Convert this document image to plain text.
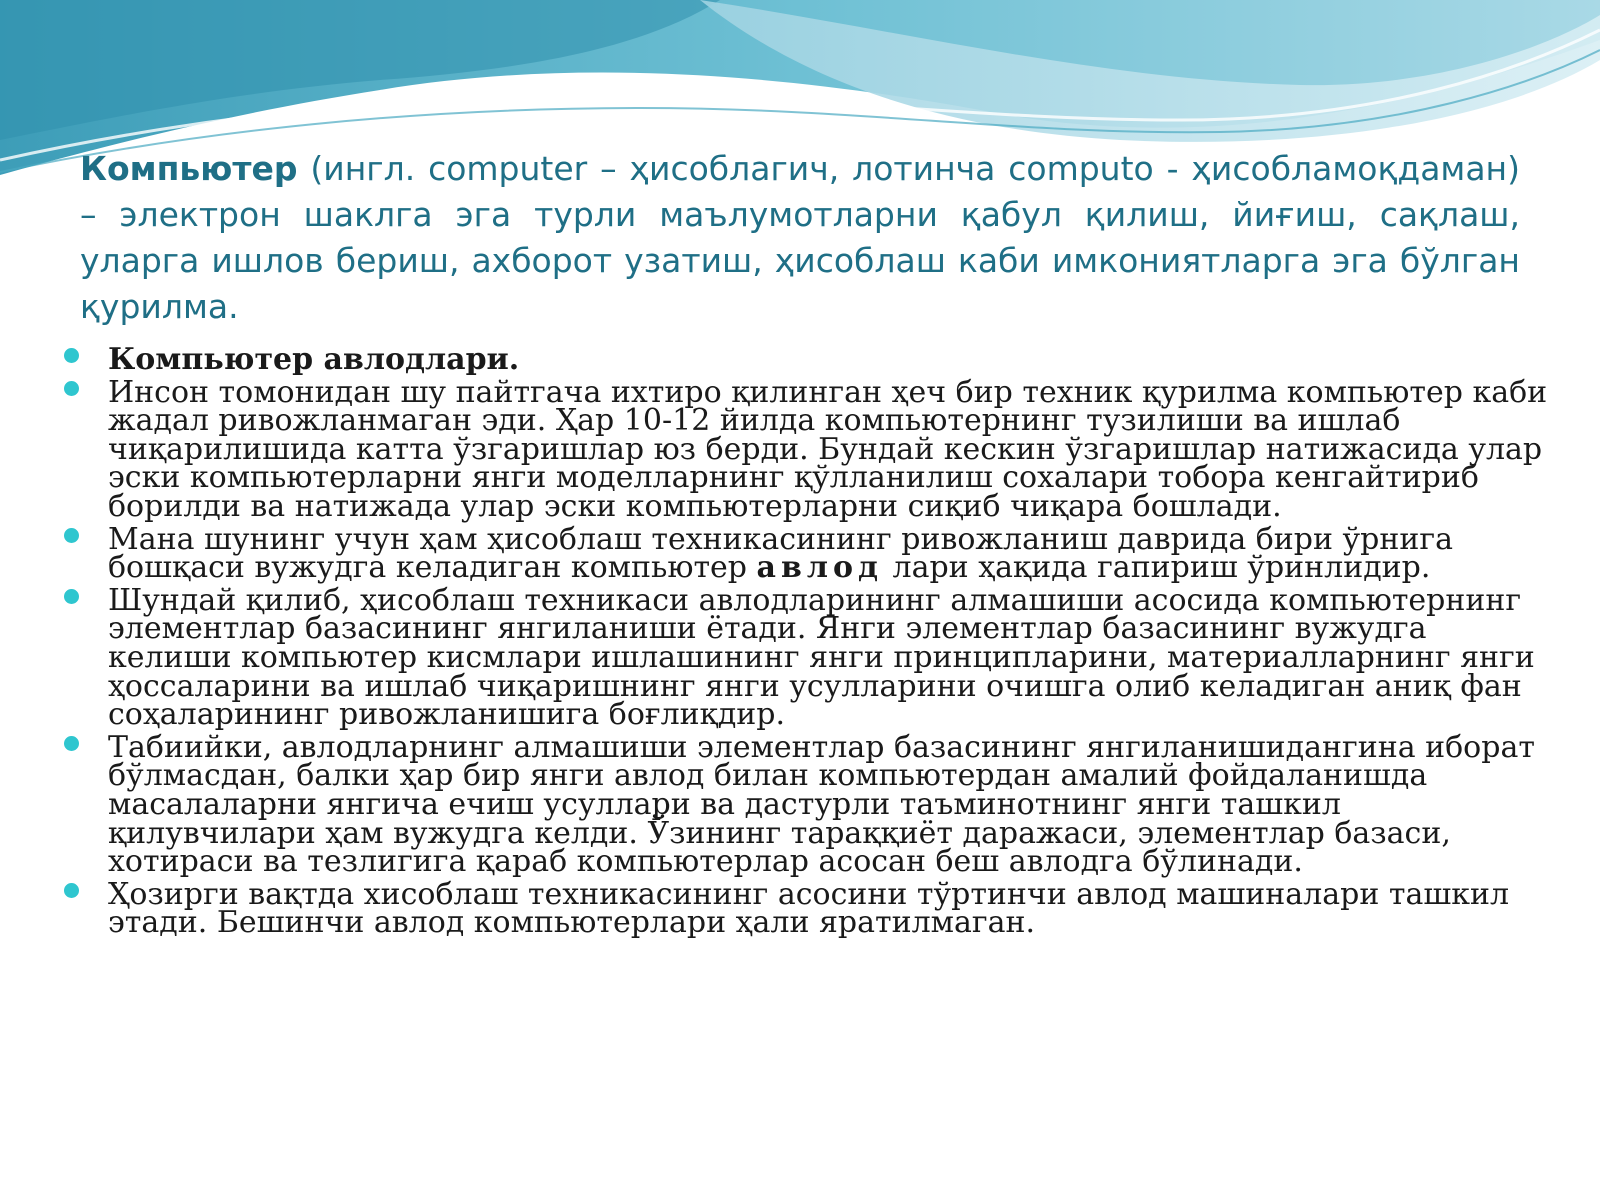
Компьютер (ингл. computer – ҳисоблагич, лотинча computo - ҳисобламоқдаман) – электрон шаклга эга турли маълумотларни қабул қилиш, йиғиш, сақлаш, уларга ишлов бериш, ахборот узатиш, ҳисоблаш каби имкониятларга эга бўлган қурилма.

Компьютер авлодлари.
Инсон томонидан шу пайтгача ихтиро қилинган ҳеч бир техник қурилма компьютер каби жадал ривожланмаган эди. Ҳар 10-12 йилда компьютернинг тузилиши ва ишлаб чиқарилишида катта ўзгаришлар юз берди. Бундай кескин ўзгаришлар натижасида улар эски компьютерларни янги моделларнинг қўлланилиш сохалари тобора кенгайтириб борилди ва натижада улар эски компьютерларни сиқиб чиқара бошлади.
Мана шунинг учун ҳам ҳисоблаш техникасининг ривожланиш даврида бири ўрнига бошқаси вужудга келадиган компьютер авлод лари ҳақида гапириш ўринлидир.
Шундай қилиб, ҳисоблаш техникаси авлодларининг алмашиши асосида компьютернинг элементлар базасининг янгиланиши ётади. Янги элементлар базасининг вужудга келиши компьютер кисмлари ишлашининг янги принципларини, материалларнинг янги ҳоссаларини ва ишлаб чиқаришнинг янги усулларини очишга олиб келадиган аниқ фан соҳаларининг ривожланишига боғлиқдир.
Табиийки, авлодларнинг алмашиши элементлар базасининг янгиланишидангина иборат бўлмасдан, балки ҳар бир янги авлод билан компьютердан амалий фойдаланишда масалаларни янгича ечиш усуллари ва дастурли таъминотнинг янги ташкил қилувчилари ҳам вужудга келди. Ўзининг тараққиёт даражаси, элементлар базаси, хотираси ва тезлигига қараб компьютерлар асосан беш авлодга бўлинади.
Ҳозирги вақтда хисоблаш техникасининг асосини тўртинчи авлод машиналари ташкил этади. Бешинчи авлод компьютерлари ҳали яратилмаган.
